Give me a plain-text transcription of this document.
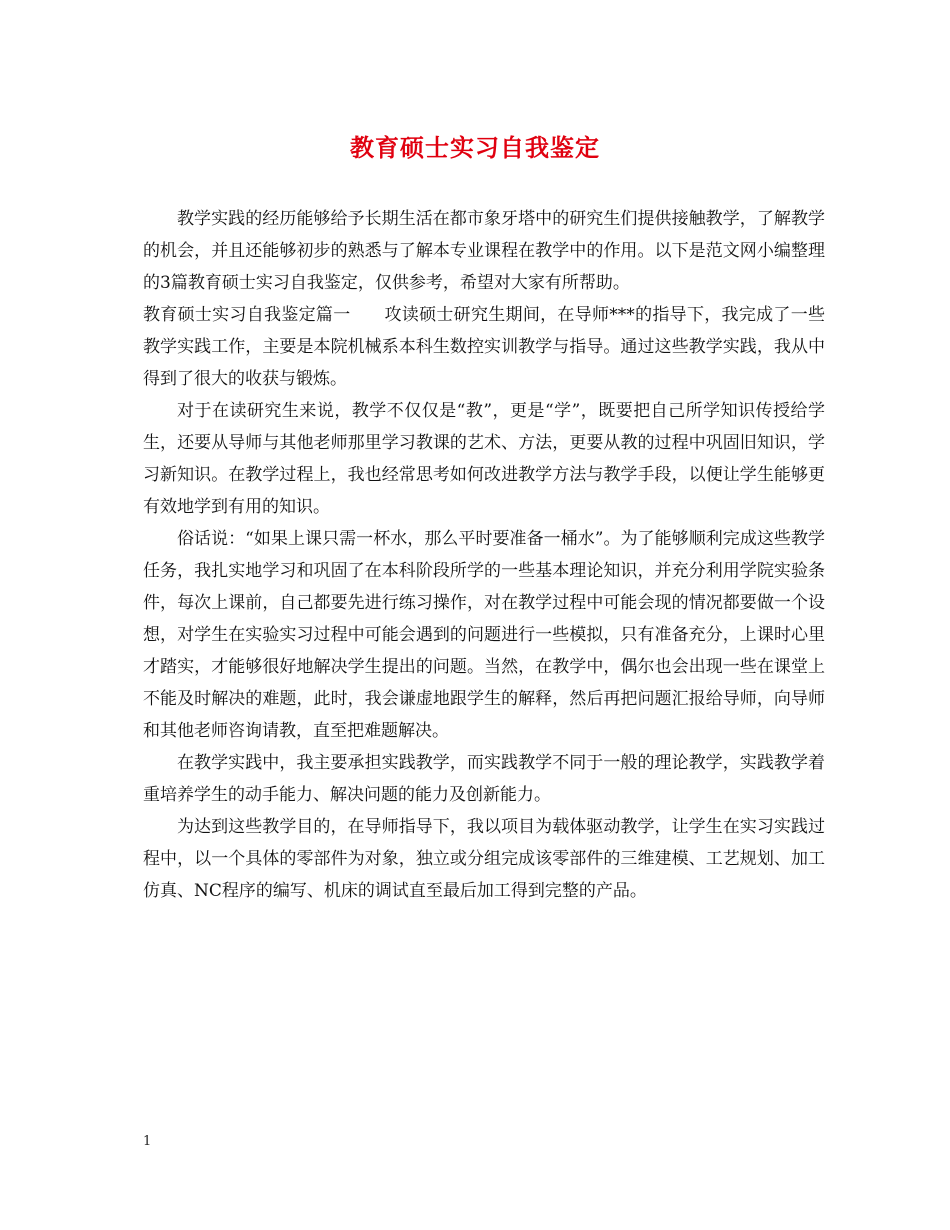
教育硕士实习自我鉴定

教学实践的经历能够给予长期生活在都市象牙塔中的研究生们提供接触教学，了解教学的机会，并且还能够初步的熟悉与了解本专业课程在教学中的作用。以下是范文网小编整理的3篇教育硕士实习自我鉴定，仅供参考，希望对大家有所帮助。

教育硕士实习自我鉴定篇一 攻读硕士研究生期间，在导师***的指导下，我完成了一些教学实践工作，主要是本院机械系本科生数控实训教学与指导。通过这些教学实践，我从中得到了很大的收获与锻炼。

对于在读研究生来说，教学不仅仅是“教”，更是“学”，既要把自己所学知识传授给学生，还要从导师与其他老师那里学习教课的艺术、方法，更要从教的过程中巩固旧知识，学习新知识。在教学过程上，我也经常思考如何改进教学方法与教学手段，以便让学生能够更有效地学到有用的知识。

俗话说：“如果上课只需一杯水，那么平时要准备一桶水”。为了能够顺利完成这些教学任务，我扎实地学习和巩固了在本科阶段所学的一些基本理论知识，并充分利用学院实验条件，每次上课前，自己都要先进行练习操作，对在教学过程中可能会现的情况都要做一个设想，对学生在实验实习过程中可能会遇到的问题进行一些模拟，只有准备充分，上课时心里才踏实，才能够很好地解决学生提出的问题。当然，在教学中，偶尔也会出现一些在课堂上不能及时解决的难题，此时，我会谦虚地跟学生的解释，然后再把问题汇报给导师，向导师和其他老师咨询请教，直至把难题解决。

在教学实践中，我主要承担实践教学，而实践教学不同于一般的理论教学，实践教学着重培养学生的动手能力、解决问题的能力及创新能力。

为达到这些教学目的，在导师指导下，我以项目为载体驱动教学，让学生在实习实践过程中，以一个具体的零部件为对象，独立或分组完成该零部件的三维建模、工艺规划、加工仿真、NC程序的编写、机床的调试直至最后加工得到完整的产品。

1
